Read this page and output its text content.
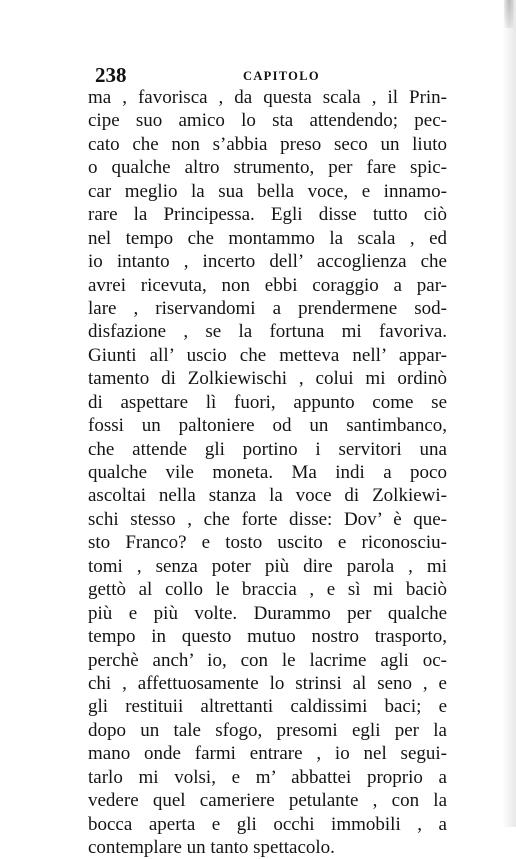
238	CAPITOLO
ma , favorisca , da questa scala , il Prin-
cipe suo amico lo sta attendendo; pec-
cato che non s’abbia preso seco un liuto
o qualche altro strumento, per fare spic-
car meglio la sua bella voce, e innamo-
rare la Principessa. Egli disse tutto ciò
nel tempo che montammo la scala , ed
io intanto , incerto dell’ accoglienza che
avrei ricevuta, non ebbi coraggio a par-
lare , riservandomi a prendermene sod-
disfazione , se la fortuna mi favoriva.
Giunti all’ uscio che metteva nell’ appar-
tamento di Zolkiewischi , colui mi ordinò
di aspettare lì fuori, appunto come se
fossi un paltoniere od un santimbanco,
che attende gli portino i servitori una
qualche vile moneta. Ma indi a poco
ascoltai nella stanza la voce di Zolkiewi-
schi stesso , che forte disse: Dov’ è que-
sto Franco? e tosto uscito e riconosciu-
tomi , senza poter più dire parola , mi
gettò al collo le braccia , e sì mi baciò
più e più volte. Durammo per qualche
tempo in questo mutuo nostro trasporto,
perchè anch’ io, con le lacrime agli oc-
chi , affettuosamente lo strinsi al seno , e
gli restituii altrettanti caldissimi baci; e
dopo un tale sfogo, presomi egli per la
mano onde farmi entrare , io nel segui-
tarlo mi volsi, e m’ abbattei proprio a
vedere quel cameriere petulante , con la
bocca aperta e gli occhi immobili , a
contemplare un tanto spettacolo.
